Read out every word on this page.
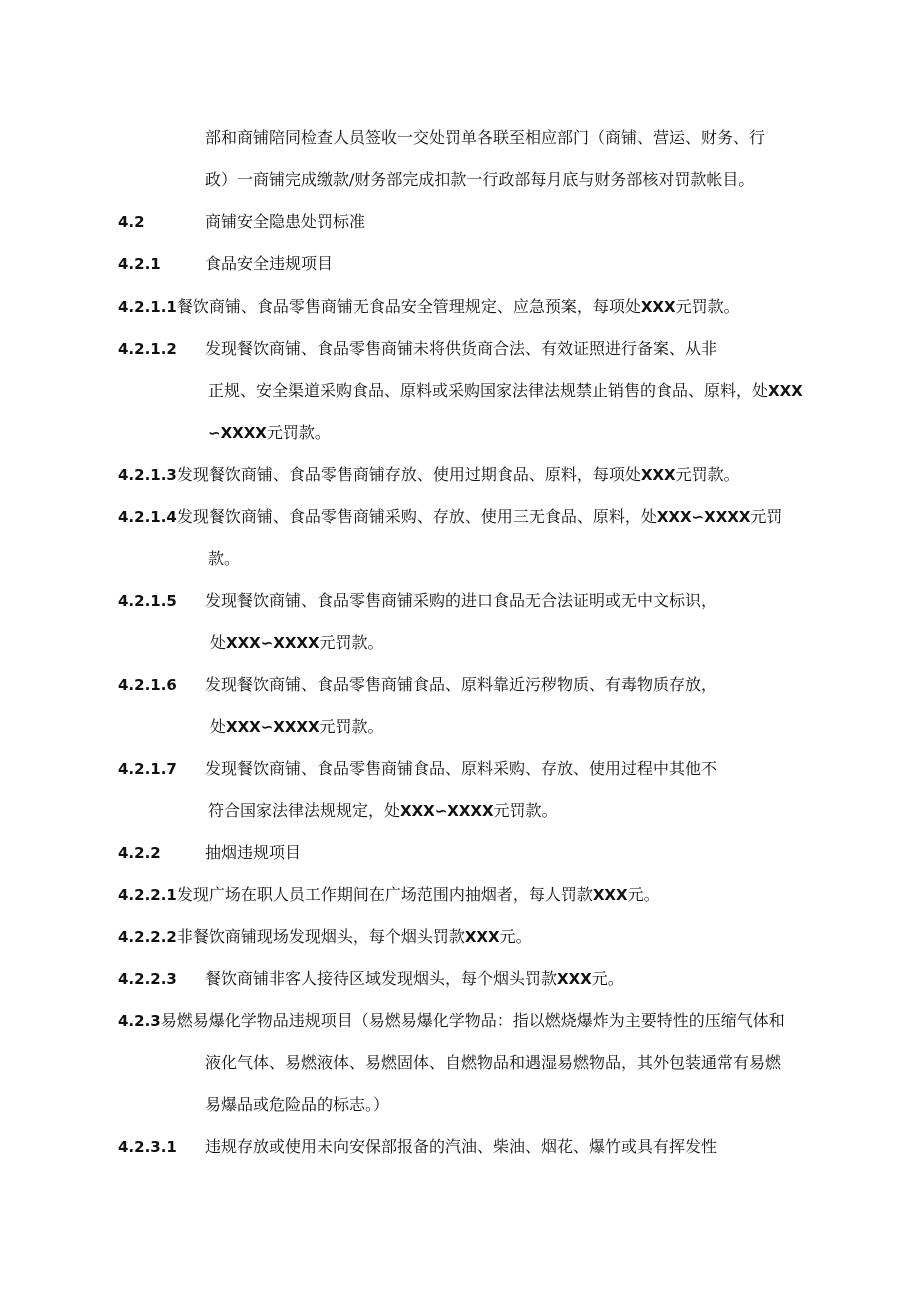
部和商铺陪同检查人员签收一交处罚单各联至相应部门（商铺、营运、财务、行
政）一商铺完成缴款/财务部完成扣款一行政部每月底与财务部核对罚款帐目。
4.2	商铺安全隐患处罚标准
4.2.1	食品安全违规项目
4.2.1.1餐饮商铺、食品零售商铺无食品安全管理规定、应急预案，每项处XXX元罚款。
4.2.1.2 发现餐饮商铺、食品零售商铺未将供货商合法、有效证照进行备案、从非
正规、安全渠道采购食品、原料或采购国家法律法规禁止销售的食品、原料，处XXX
∽XXXX元罚款。
4.2.1.3发现餐饮商铺、食品零售商铺存放、使用过期食品、原料，每项处XXX元罚款。
4.2.1.4发现餐饮商铺、食品零售商铺采购、存放、使用三无食品、原料，处XXX∽XXXX元罚
款。
4.2.1.5 发现餐饮商铺、食品零售商铺采购的进口食品无合法证明或无中文标识，
处XXX∽XXXX元罚款。
4.2.1.6 发现餐饮商铺、食品零售商铺食品、原料靠近污秽物质、有毒物质存放，
处XXX∽XXXX元罚款。
4.2.1.7 发现餐饮商铺、食品零售商铺食品、原料采购、存放、使用过程中其他不
符合国家法律法规规定，处XXX∽XXXX元罚款。
4.2.2	抽烟违规项目
4.2.2.1发现广场在职人员工作期间在广场范围内抽烟者，每人罚款XXX元。
4.2.2.2非餐饮商铺现场发现烟头，每个烟头罚款XXX元。
4.2.2.3 餐饮商铺非客人接待区域发现烟头，每个烟头罚款XXX元。
4.2.3易燃易爆化学物品违规项目（易燃易爆化学物品：指以燃烧爆炸为主要特性的压缩气体和
液化气体、易燃液体、易燃固体、自燃物品和遇湿易燃物品，其外包装通常有易燃
易爆品或危险品的标志。）
4.2.3.1 违规存放或使用未向安保部报备的汽油、柴油、烟花、爆竹或具有挥发性
